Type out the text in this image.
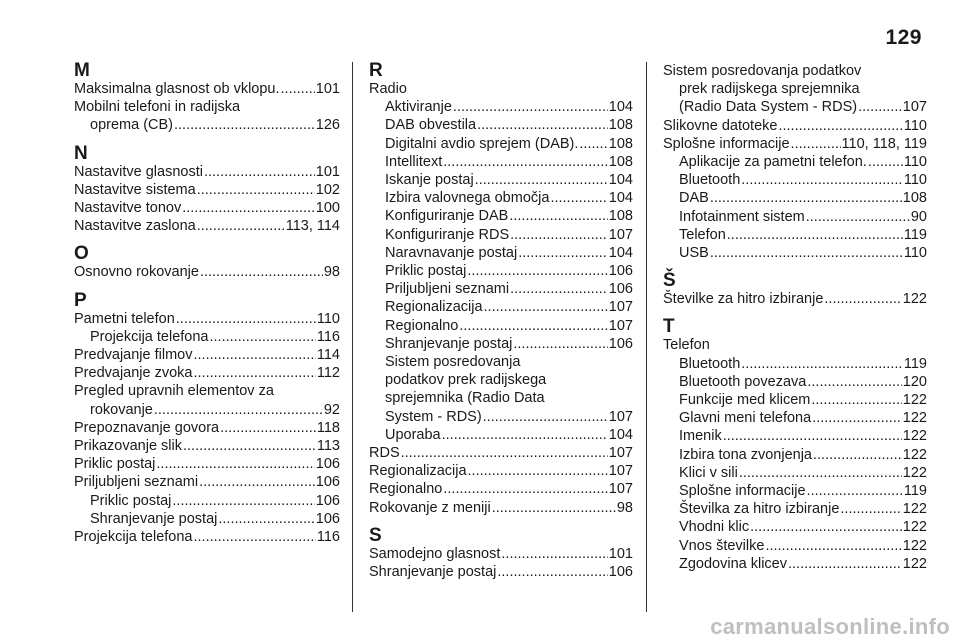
129
M
Maksimalna glasnost ob vklopu. .....	101
Mobilni telefoni in radijska
oprema (CB) .....	126
N
Nastavitve glasnosti .....	101
Nastavitve sistema .....	102
Nastavitve tonov .....	100
Nastavitve zaslona .....	113, 114
O
Osnovno rokovanje .....	98
P
Pametni telefon .....	110
Projekcija telefona .....	116
Predvajanje filmov .....	114
Predvajanje zvoka .....	112
Pregled upravnih elementov za
rokovanje .....	92
Prepoznavanje govora .....	118
Prikazovanje slik .....	113
Priklic postaj .....	106
Priljubljeni seznami .....	106
Priklic postaj .....	106
Shranjevanje postaj .....	106
Projekcija telefona .....	116
R
Radio
Aktiviranje .....	104
DAB obvestila .....	108
Digitalni avdio sprejem (DAB). ..... 108
Intellitext .....	108
Iskanje postaj .....	104
Izbira valovnega območja .....	104
Konfiguriranje DAB .....	108
Konfiguriranje RDS .....	107
Naravnavanje postaj .....	104
Priklic postaj .....	106
Priljubljeni seznami .....	106
Regionalizacija .....	107
Regionalno .....	107
Shranjevanje postaj .....	106
Sistem posredovanja
podatkov prek radijskega
sprejemnika (Radio Data
System - RDS) .....	107
Uporaba .....	104
RDS .....	107
Regionalizacija .....	107
Regionalno .....	107
Rokovanje z meniji .....	98
S
Samodejno glasnost .....	101
Shranjevanje postaj .....	106
Sistem posredovanja podatkov
prek radijskega sprejemnika
(Radio Data System - RDS) .....	107
Slikovne datoteke .....	110
Splošne informacije .....	110, 118, 119
Aplikacije za pametni telefon. .....	110
Bluetooth .....	110
DAB .....	108
Infotainment sistem .....	90
Telefon .....	119
USB .....	110
Š
Številke za hitro izbiranje .....	122
T
Telefon
Bluetooth .....	119
Bluetooth povezava .....	120
Funkcije med klicem .....	122
Glavni meni telefona .....	122
Imenik .....	122
Izbira tona zvonjenja .....	122
Klici v sili .....	122
Splošne informacije .....	119
Številka za hitro izbiranje .....	122
Vhodni klic .....	122
Vnos številke .....	122
Zgodovina klicev .....	122
carmanualsonline.info
